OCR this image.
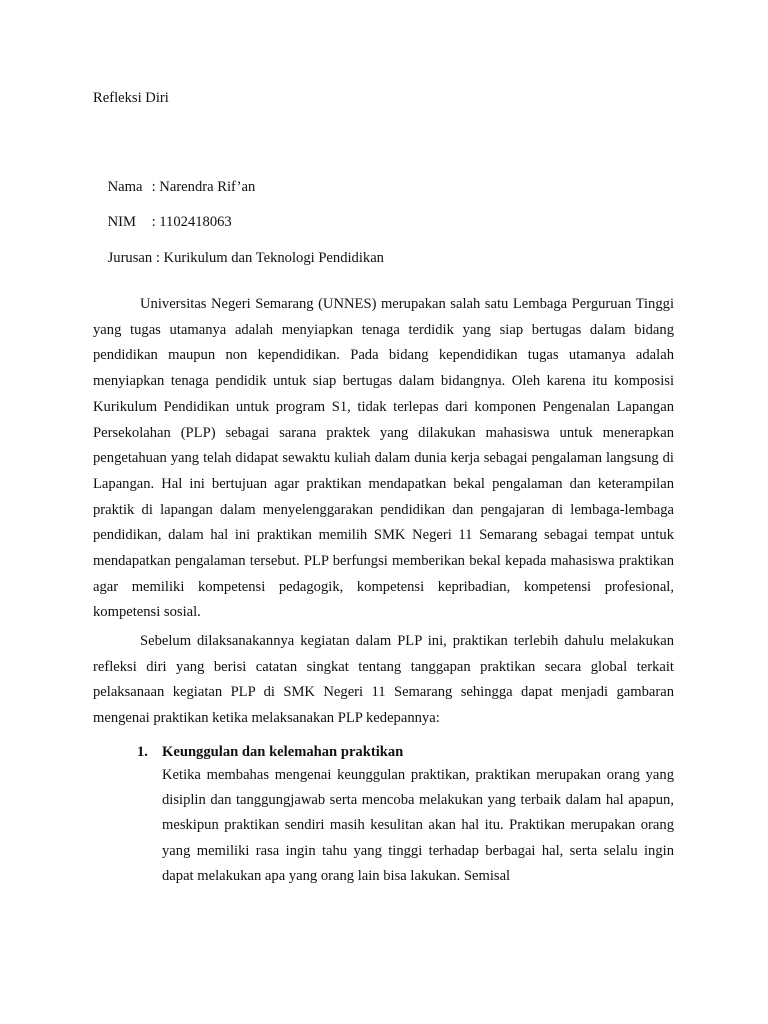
Refleksi Diri

Nama : Narendra Rif’an

NIM : 1102418063

Jurusan : Kurikulum dan Teknologi Pendidikan

Universitas Negeri Semarang (UNNES) merupakan salah satu Lembaga Perguruan Tinggi yang tugas utamanya adalah menyiapkan tenaga terdidik yang siap bertugas dalam bidang pendidikan maupun non kependidikan. Pada bidang kependidikan tugas utamanya adalah menyiapkan tenaga pendidik untuk siap bertugas dalam bidangnya. Oleh karena itu komposisi Kurikulum Pendidikan untuk program S1, tidak terlepas dari komponen Pengenalan Lapangan Persekolahan (PLP) sebagai sarana praktek yang dilakukan mahasiswa untuk menerapkan pengetahuan yang telah didapat sewaktu kuliah dalam dunia kerja sebagai pengalaman langsung di Lapangan. Hal ini bertujuan agar praktikan mendapatkan bekal pengalaman dan keterampilan praktik di lapangan dalam menyelenggarakan pendidikan dan pengajaran di lembaga-lembaga pendidikan, dalam hal ini praktikan memilih SMK Negeri 11 Semarang sebagai tempat untuk mendapatkan pengalaman tersebut. PLP berfungsi memberikan bekal kepada mahasiswa praktikan agar memiliki kompetensi pedagogik, kompetensi kepribadian, kompetensi profesional, kompetensi sosial.

Sebelum dilaksanakannya kegiatan dalam PLP ini, praktikan terlebih dahulu melakukan refleksi diri yang berisi catatan singkat tentang tanggapan praktikan secara global terkait pelaksanaan kegiatan PLP di SMK Negeri 11 Semarang sehingga dapat menjadi gambaran mengenai praktikan ketika melaksanakan PLP kedepannya:

1. Keunggulan dan kelemahan praktikan

Ketika membahas mengenai keunggulan praktikan, praktikan merupakan orang yang disiplin dan tanggungjawab serta mencoba melakukan yang terbaik dalam hal apapun, meskipun praktikan sendiri masih kesulitan akan hal itu. Praktikan merupakan orang yang memiliki rasa ingin tahu yang tinggi terhadap berbagai hal, serta selalu ingin dapat melakukan apa yang orang lain bisa lakukan. Semisal
